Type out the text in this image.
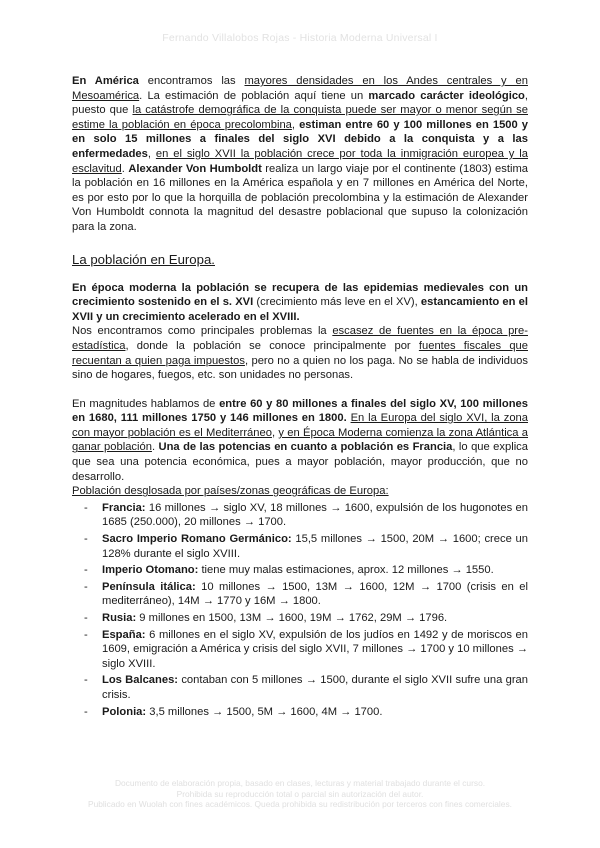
Fernando Villalobos Rojas - Historia Moderna Universal I

En América encontramos las mayores densidades en los Andes centrales y en Mesoamérica. La estimación de población aquí tiene un marcado carácter ideológico, puesto que la catástrofe demográfica de la conquista puede ser mayor o menor según se estime la población en época precolombina, estiman entre 60 y 100 millones en 1500 y en solo 15 millones a finales del siglo XVI debido a la conquista y a las enfermedades, en el siglo XVII la población crece por toda la inmigración europea y la esclavitud. Alexander Von Humboldt realiza un largo viaje por el continente (1803) estima la población en 16 millones en la América española y en 7 millones en América del Norte, es por esto por lo que la horquilla de población precolombina y la estimación de Alexander Von Humboldt connota la magnitud del desastre poblacional que supuso la colonización para la zona.

La población en Europa.

En época moderna la población se recupera de las epidemias medievales con un crecimiento sostenido en el s. XVI (crecimiento más leve en el XV), estancamiento en el XVII y un crecimiento acelerado en el XVIII.

Nos encontramos como principales problemas la escasez de fuentes en la época pre-estadística, donde la población se conoce principalmente por fuentes fiscales que recuentan a quien paga impuestos, pero no a quien no los paga. No se habla de individuos sino de hogares, fuegos, etc. son unidades no personas.

En magnitudes hablamos de entre 60 y 80 millones a finales del siglo XV, 100 millones en 1680, 111 millones 1750 y 146 millones en 1800. En la Europa del siglo XVI, la zona con mayor población es el Mediterráneo, y en Época Moderna comienza la zona Atlántica a ganar población. Una de las potencias en cuanto a población es Francia, lo que explica que sea una potencia económica, pues a mayor población, mayor producción, que no desarrollo.

Población desglosada por países/zonas geográficas de Europa:

- Francia: 16 millones → siglo XV, 18 millones → 1600, expulsión de los hugonotes en 1685 (250.000), 20 millones → 1700.
- Sacro Imperio Romano Germánico: 15,5 millones → 1500, 20M → 1600; crece un 128% durante el siglo XVIII.
- Imperio Otomano: tiene muy malas estimaciones, aprox. 12 millones → 1550.
- Península itálica: 10 millones → 1500, 13M → 1600, 12M → 1700 (crisis en el mediterráneo), 14M → 1770 y 16M → 1800.
- Rusia: 9 millones en 1500, 13M → 1600, 19M → 1762, 29M → 1796.
- España: 6 millones en el siglo XV, expulsión de los judíos en 1492 y de moriscos en 1609, emigración a América y crisis del siglo XVII, 7 millones → 1700 y 10 millones → siglo XVIII.
- Los Balcanes: contaban con 5 millones → 1500, durante el siglo XVII sufre una gran crisis.
- Polonia: 3,5 millones → 1500, 5M → 1600, 4M → 1700.
Documento de elaboración propia, basado en clases, lecturas y material trabajado durante el curso.
Prohibida su reproducción total o parcial sin autorización del autor.
Publicado en Wuolah con fines académicos. Queda prohibida su redistribución por terceros con fines comerciales.
